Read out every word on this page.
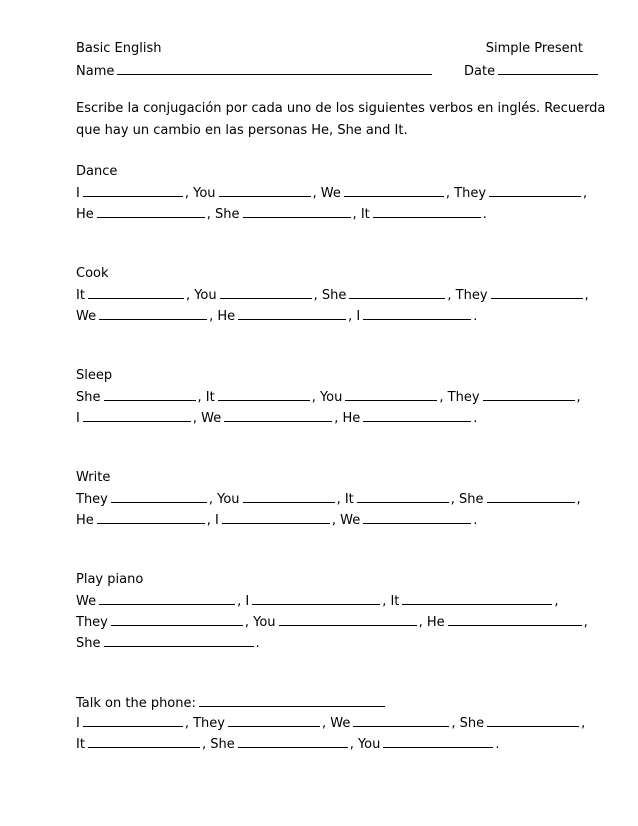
Basic English	Simple Present
Name	Date
Escribe la conjugación por cada uno de los siguientes verbos en inglés. Recuerda
que hay un cambio en las personas He, She and It.
Dance
I	, You	, We	, They	,
He	, She	, It	.
Cook
It	, You	, She	, They	,
We	, He	, I	.
Sleep
She	, It	, You	, They	,
I	, We	, He	.
Write
They	, You	, It	, She	,
He	, I	, We	.
Play piano
We	, I	, It	,
They	, You	, He	,
She	.
Talk on the phone:
I	, They	, We	, She	,
It	, She	, You	.
